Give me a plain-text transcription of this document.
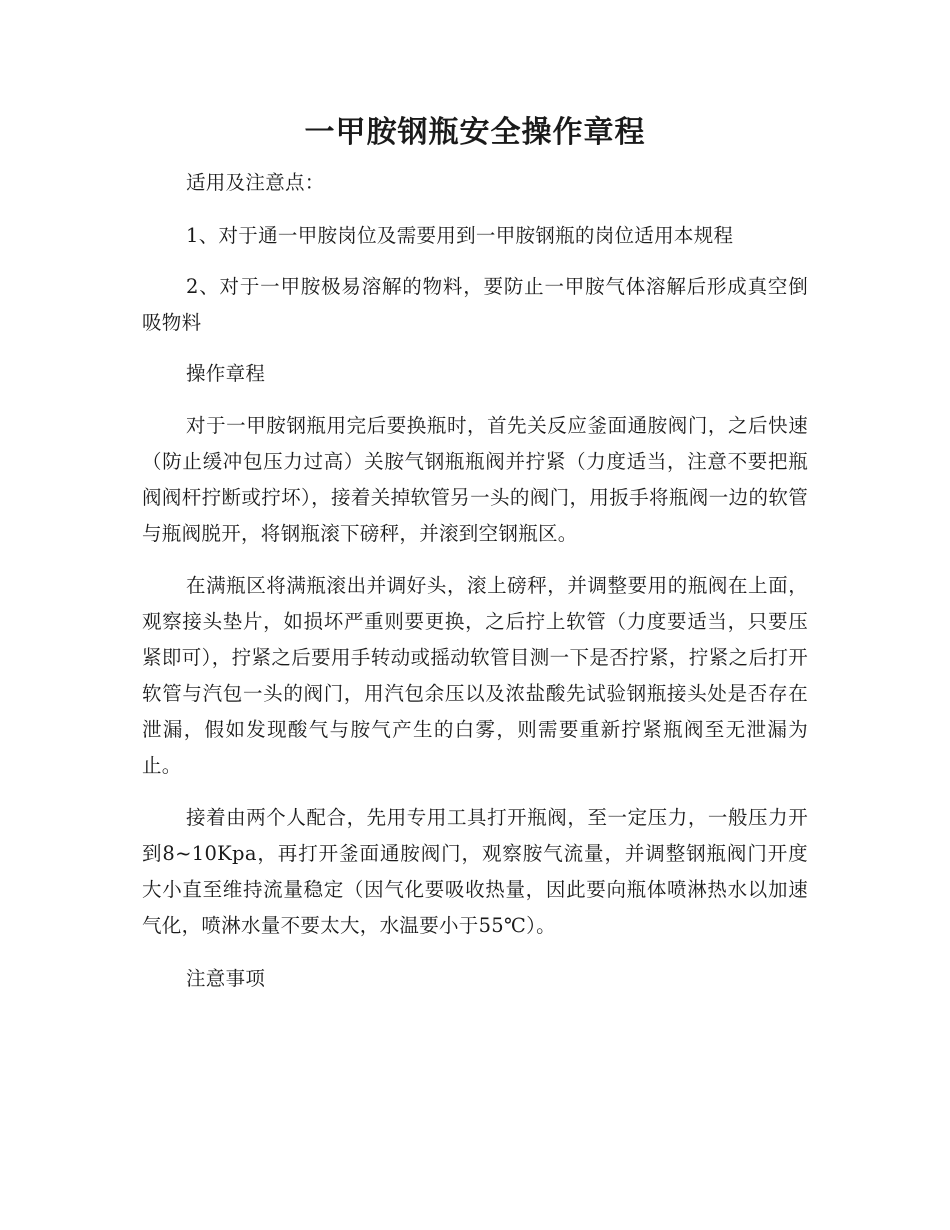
一甲胺钢瓶安全操作章程

适用及注意点：

1、对于通一甲胺岗位及需要用到一甲胺钢瓶的岗位适用本规程

2、对于一甲胺极易溶解的物料，要防止一甲胺气体溶解后形成真空倒吸物料

操作章程

对于一甲胺钢瓶用完后要换瓶时，首先关反应釜面通胺阀门，之后快速（防止缓冲包压力过高）关胺气钢瓶瓶阀并拧紧（力度适当，注意不要把瓶阀阀杆拧断或拧坏），接着关掉软管另一头的阀门，用扳手将瓶阀一边的软管与瓶阀脱开，将钢瓶滚下磅秤，并滚到空钢瓶区。

在满瓶区将满瓶滚出并调好头，滚上磅秤，并调整要用的瓶阀在上面，观察接头垫片，如损坏严重则要更换，之后拧上软管（力度要适当，只要压紧即可），拧紧之后要用手转动或摇动软管目测一下是否拧紧，拧紧之后打开软管与汽包一头的阀门，用汽包余压以及浓盐酸先试验钢瓶接头处是否存在泄漏，假如发现酸气与胺气产生的白雾，则需要重新拧紧瓶阀至无泄漏为止。

接着由两个人配合，先用专用工具打开瓶阀，至一定压力，一般压力开到8~10Kpa，再打开釜面通胺阀门，观察胺气流量，并调整钢瓶阀门开度大小直至维持流量稳定（因气化要吸收热量，因此要向瓶体喷淋热水以加速气化，喷淋水量不要太大，水温要小于55℃）。

注意事项
